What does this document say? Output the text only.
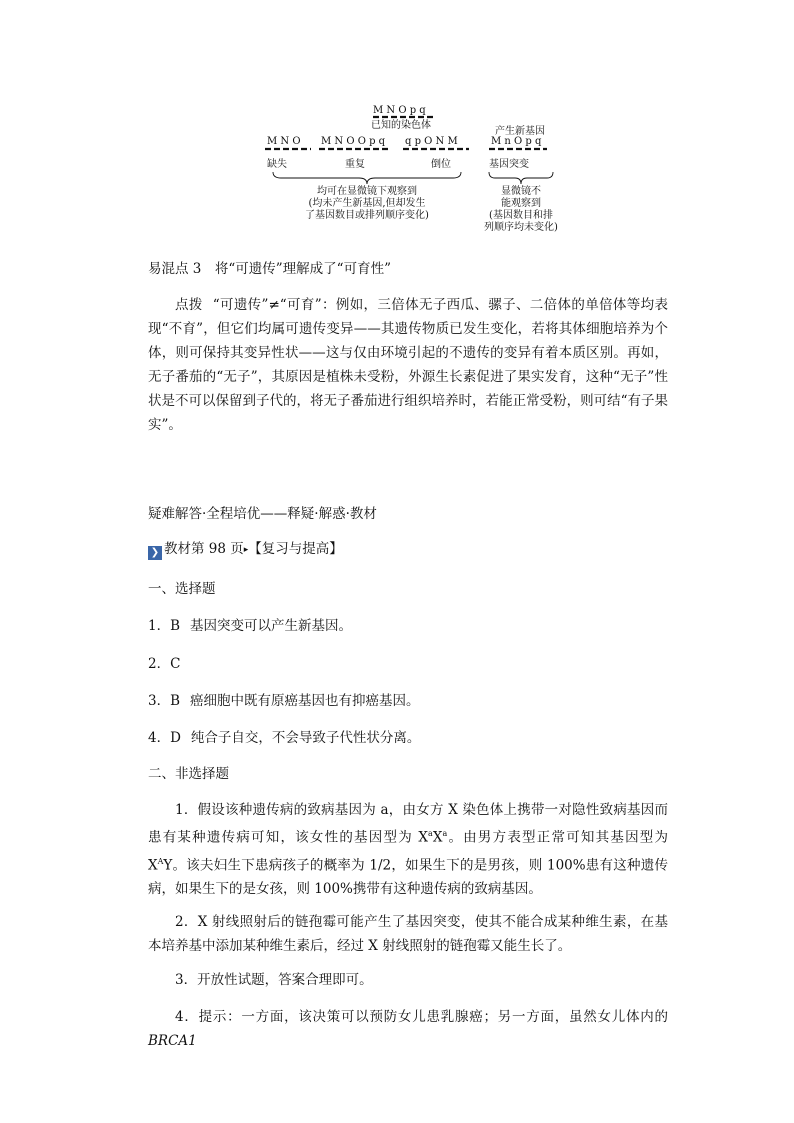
M N O p q
已知的染色体
产生新基因
M N O M N O O p q q p O N M	M n O p q
缺失	重复	倒位	基因突变
均可在显微镜下观察到
(均未产生新基因,但却发生
了基因数目或排列顺序变化)
显微镜不
能观察到
(基因数目和排
列顺序均未变化)
易混点 3　将“可遗传”理解成了“可育性”

点拨 “可遗传”≠“可育”：例如，三倍体无子西瓜、骡子、二倍体的单倍体等均表现“不育”，但它们均属可遗传变异——其遗传物质已发生变化，若将其体细胞培养为个体，则可保持其变异性状——这与仅由环境引起的不遗传的变异有着本质区别。再如，无子番茄的“无子”，其原因是植株未受粉，外源生长素促进了果实发育，这种“无子”性状是不可以保留到子代的，将无子番茄进行组织培养时，若能正常受粉，则可结“有子果实”。

疑难解答·全程培优——释疑·解惑·教材
❯ 教材第 98 页▸【复习与提高】
一、选择题
1．B 基因突变可以产生新基因。
2．C
3．B 癌细胞中既有原癌基因也有抑癌基因。
4．D 纯合子自交，不会导致子代性状分离。
二、非选择题

1．假设该种遗传病的致病基因为 a，由女方 X 染色体上携带一对隐性致病基因而患有某种遗传病可知，该女性的基因型为 $X^aX^a$。由男方表型正常可知其基因型为 $X^AY$。该夫妇生下患病孩子的概率为 1/2，如果生下的是男孩，则 100%患有这种遗传病，如果生下的是女孩，则 100%携带有这种遗传病的致病基因。

2．X 射线照射后的链孢霉可能产生了基因突变，使其不能合成某种维生素，在基本培养基中添加某种维生素后，经过 X 射线照射的链孢霉又能生长了。

3．开放性试题，答案合理即可。

4．提示：一方面，该决策可以预防女儿患乳腺癌；另一方面，虽然女儿体内的 BRCA1
